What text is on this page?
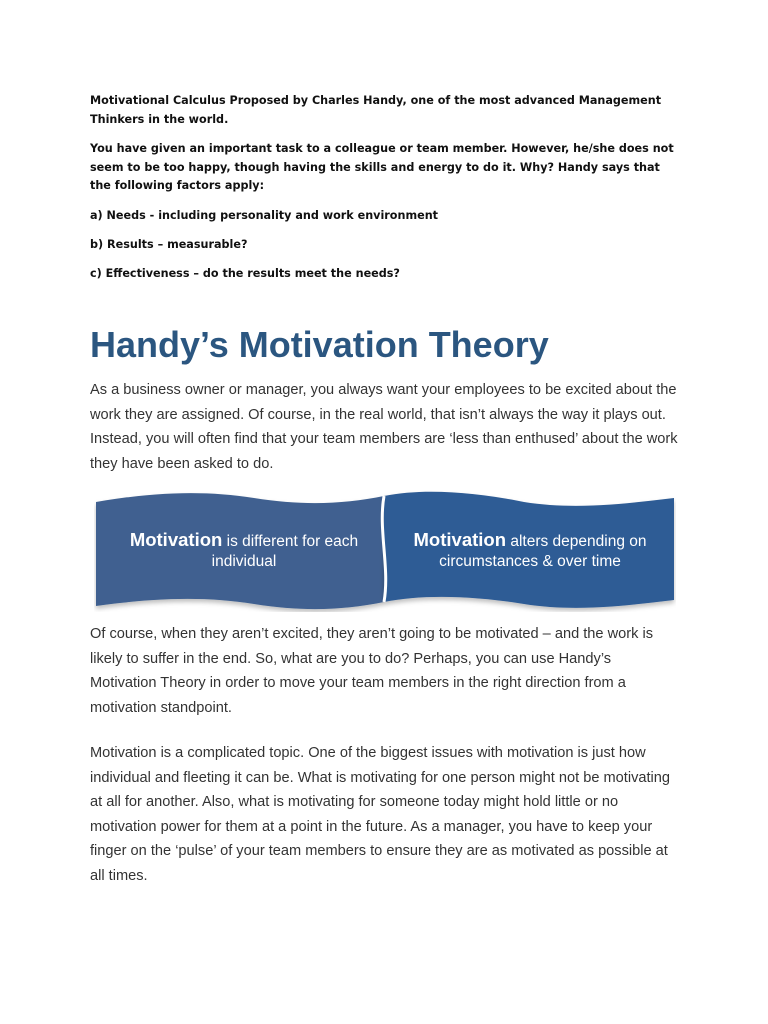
Motivational Calculus Proposed by Charles Handy, one of the most advanced Management Thinkers in the world.

You have given an important task to a colleague or team member. However, he/she does not seem to be too happy, though having the skills and energy to do it. Why? Handy says that the following factors apply:

a) Needs - including personality and work environment

b) Results – measurable?

c) Effectiveness – do the results meet the needs?

Handy’s Motivation Theory

As a business owner or manager, you always want your employees to be excited about the work they are assigned. Of course, in the real world, that isn’t always the way it plays out. Instead, you will often find that your team members are ‘less than enthused’ about the work they have been asked to do.

Motivation is different for each individual
Motivation alters depending on circumstances & over time

Of course, when they aren’t excited, they aren’t going to be motivated – and the work is likely to suffer in the end. So, what are you to do? Perhaps, you can use Handy’s Motivation Theory in order to move your team members in the right direction from a motivation standpoint.

Motivation is a complicated topic. One of the biggest issues with motivation is just how individual and fleeting it can be. What is motivating for one person might not be motivating at all for another. Also, what is motivating for someone today might hold little or no motivation power for them at a point in the future. As a manager, you have to keep your finger on the ‘pulse’ of your team members to ensure they are as motivated as possible at all times.
